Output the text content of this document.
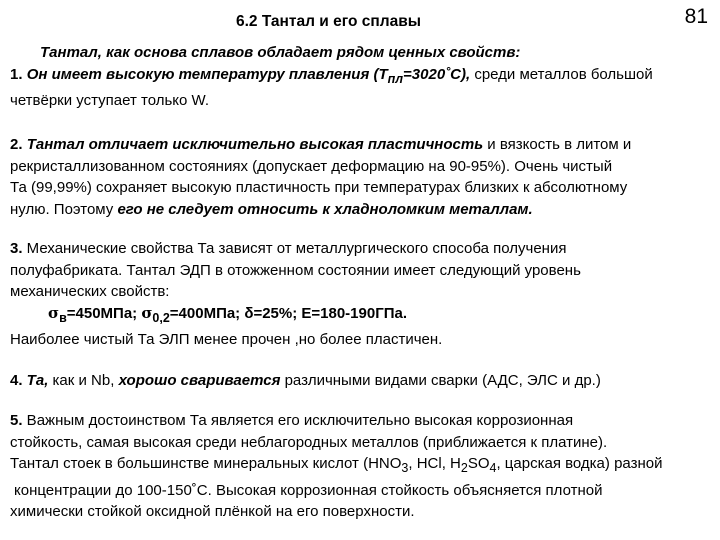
6.2 Тантал и его сплавы	81
Тантал, как основа сплавов обладает рядом ценных свойств:
1. Он имеет высокую температуру плавления $(T_{пл}=3020˚C)$, среди металлов большой
четвёрки уступает только W.
2. Тантал отличает исключительно высокая пластичность и вязкость в литом и
рекристаллизованном состояниях (допускает деформацию на 90-95%). Очень чистый
Та (99,99%) сохраняет высокую пластичность при температурах близких к абсолютному
нулю. Поэтому его не следует относить к хладноломким металлам.
3. Механические свойства Та зависят от металлургического способа получения
полуфабриката. Тантал ЭДП в отожженном состоянии имеет следующий уровень
механических свойств:
$\sigma_в=450МПа$; $\sigma_{0,2}=400МПа$; δ=25%; Е=180-190ГПа.
Наиболее чистый Та ЭЛП менее прочен ,но более пластичен.
4. Та, как и Nb, хорошо сваривается различными видами сварки (АДС, ЭЛС и др.)
5. Важным достоинством Та является его исключительно высокая коррозионная
стойкость, самая высокая среди неблагородных металлов (приближается к платине).
Тантал стоек в большинстве минеральных кислот ($HNO_3$, HCl, $H_2SO_4$, царская водка) разной
концентрации до 100-150˚C. Высокая коррозионная стойкость объясняется плотной
химически стойкой оксидной плёнкой на его поверхности.
